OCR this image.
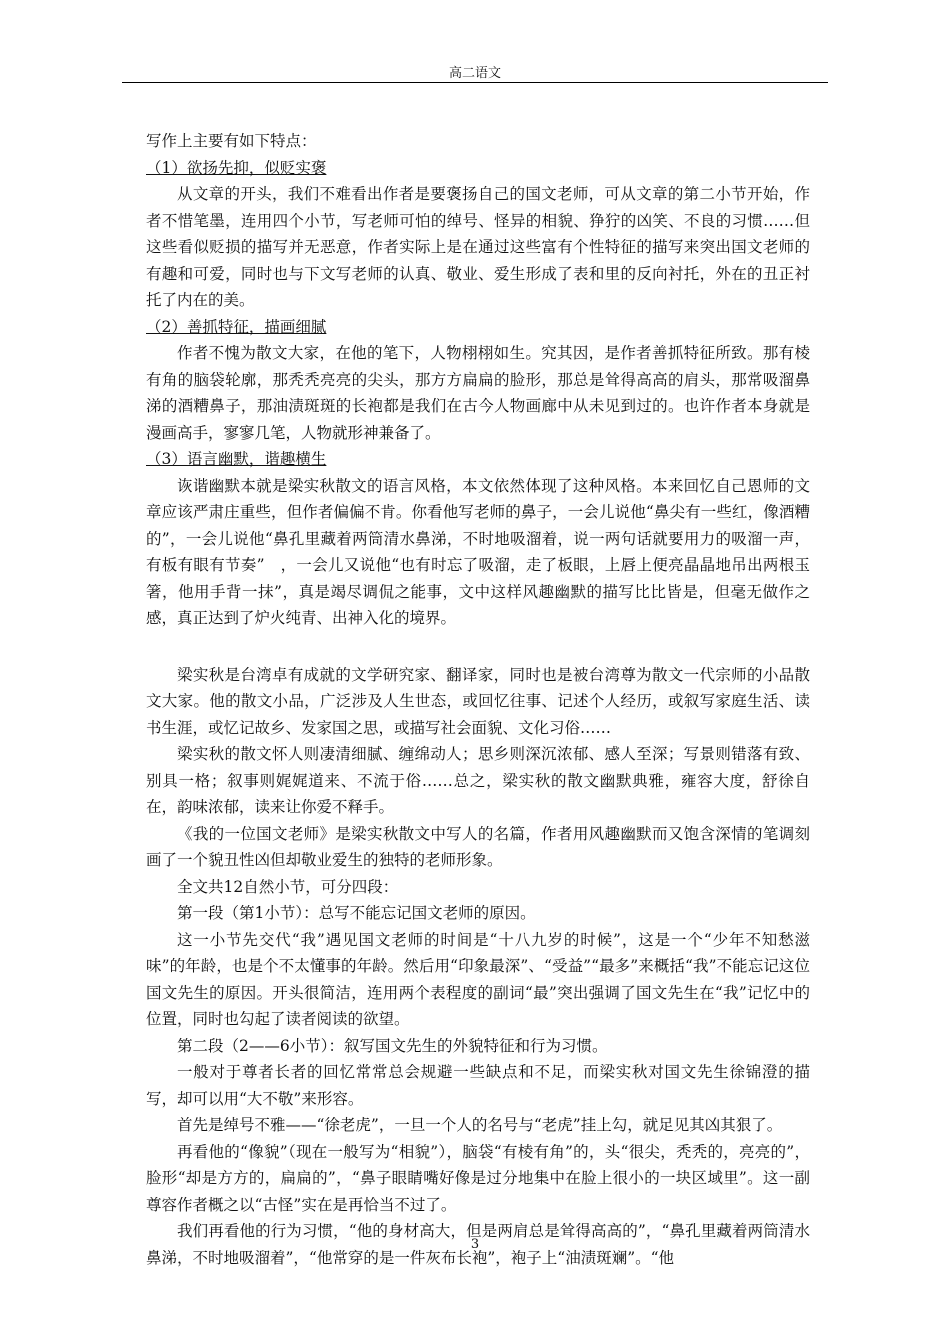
高二语文

写作上主要有如下特点：

（1）欲扬先抑，似贬实褒

从文章的开头，我们不难看出作者是要褒扬自己的国文老师，可从文章的第二小节开始，作者不惜笔墨，连用四个小节，写老师可怕的绰号、怪异的相貌、狰狞的凶笑、不良的习惯……但这些看似贬损的描写并无恶意，作者实际上是在通过这些富有个性特征的描写来突出国文老师的有趣和可爱，同时也与下文写老师的认真、敬业、爱生形成了表和里的反向衬托，外在的丑正衬托了内在的美。

（2）善抓特征，描画细腻

作者不愧为散文大家，在他的笔下，人物栩栩如生。究其因，是作者善抓特征所致。那有棱有角的脑袋轮廓，那秃秃亮亮的尖头，那方方扁扁的脸形，那总是耸得高高的肩头，那常吸溜鼻涕的酒糟鼻子，那油渍斑斑的长袍都是我们在古今人物画廊中从未见到过的。也许作者本身就是漫画高手，寥寥几笔，人物就形神兼备了。

（3）语言幽默，谐趣横生

诙谐幽默本就是梁实秋散文的语言风格，本文依然体现了这种风格。本来回忆自己恩师的文章应该严肃庄重些，但作者偏偏不肯。你看他写老师的鼻子，一会儿说他“鼻尖有一些红，像酒糟的”，一会儿说他“鼻孔里藏着两筒清水鼻涕，不时地吸溜着，说一两句话就要用力的吸溜一声，有板有眼有节奏”　，一会儿又说他“也有时忘了吸溜，走了板眼，上唇上便亮晶晶地吊出两根玉箸，他用手背一抹”，真是竭尽调侃之能事，文中这样风趣幽默的描写比比皆是，但毫无做作之感，真正达到了炉火纯青、出神入化的境界。

梁实秋是台湾卓有成就的文学研究家、翻译家，同时也是被台湾尊为散文一代宗师的小品散文大家。他的散文小品，广泛涉及人生世态，或回忆往事、记述个人经历，或叙写家庭生活、读书生涯，或忆记故乡、发家国之思，或描写社会面貌、文化习俗……

梁实秋的散文怀人则凄清细腻、缠绵动人；思乡则深沉浓郁、感人至深；写景则错落有致、别具一格；叙事则娓娓道来、不流于俗……总之，梁实秋的散文幽默典雅，雍容大度，舒徐自在，韵味浓郁，读来让你爱不释手。

《我的一位国文老师》是梁实秋散文中写人的名篇，作者用风趣幽默而又饱含深情的笔调刻画了一个貌丑性凶但却敬业爱生的独特的老师形象。

全文共12自然小节，可分四段：

第一段（第1小节）：总写不能忘记国文老师的原因。

这一小节先交代“我”遇见国文老师的时间是“十八九岁的时候”，这是一个“少年不知愁滋味”的年龄，也是个不太懂事的年龄。然后用“印象最深”、“受益”“最多”来概括“我”不能忘记这位国文先生的原因。开头很简洁，连用两个表程度的副词“最”突出强调了国文先生在“我”记忆中的位置，同时也勾起了读者阅读的欲望。

第二段（2——6小节）：叙写国文先生的外貌特征和行为习惯。

一般对于尊者长者的回忆常常总会规避一些缺点和不足，而梁实秋对国文先生徐锦澄的描写，却可以用“大不敬”来形容。

首先是绰号不雅——“徐老虎”，一旦一个人的名号与“老虎”挂上勾，就足见其凶其狠了。

再看他的“像貌”（现在一般写为“相貌”），脑袋“有棱有角”的，头“很尖，秃秃的，亮亮的”，脸形“却是方方的，扁扁的”，“鼻子眼睛嘴好像是过分地集中在脸上很小的一块区域里”。这一副尊容作者概之以“古怪”实在是再恰当不过了。

我们再看他的行为习惯，“他的身材高大，但是两肩总是耸得高高的”，“鼻孔里藏着两筒清水鼻涕，不时地吸溜着”，“他常穿的是一件灰布长袍”，袍子上“油渍斑斓”。“他

3
